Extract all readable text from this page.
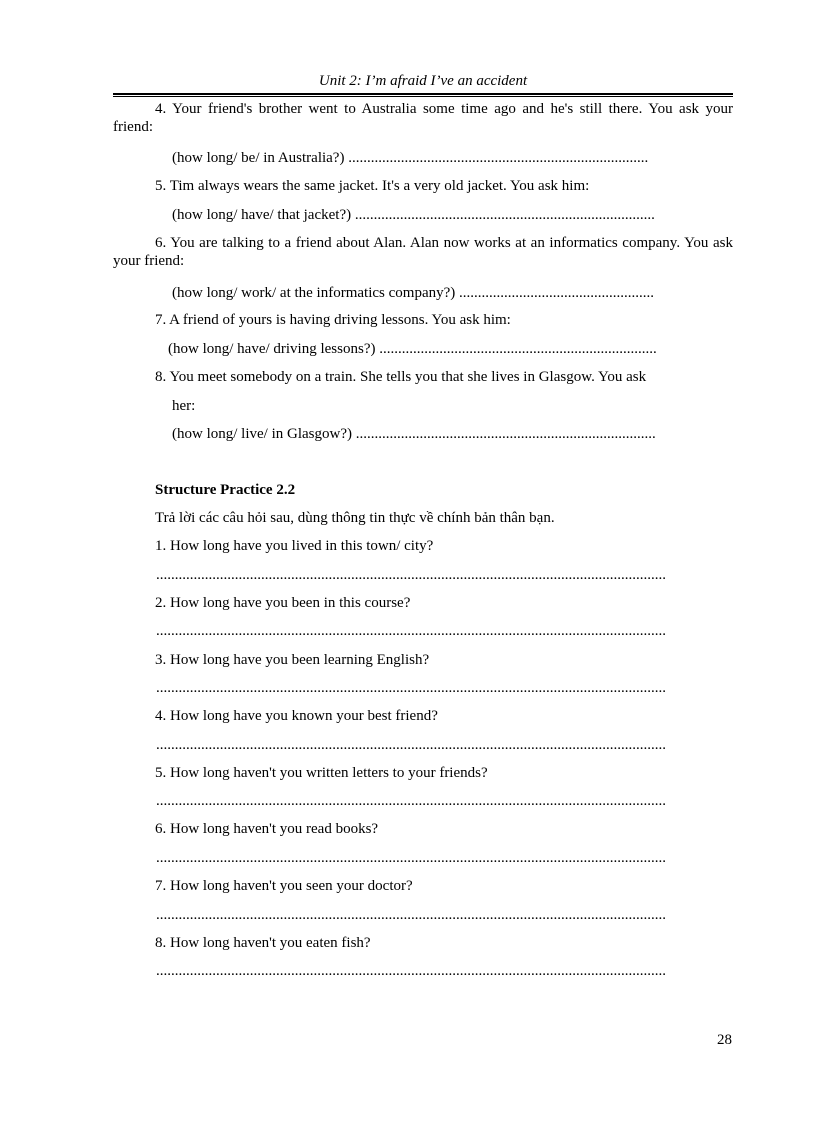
Unit 2: I’m afraid I’ve an accident
4. Your friend's brother went to Australia some time ago and he's still there. You ask your friend:
(how long/ be/ in Australia?) ................................................................................
5. Tim always wears the same jacket. It's a very old jacket. You ask him:
(how long/ have/ that jacket?) ................................................................................
6. You are talking to a friend about Alan. Alan now works at an informatics company. You ask your friend:
(how long/ work/ at the informatics company?) ....................................................
7. A friend of yours is having driving lessons. You ask him:
(how long/ have/ driving lessons?) ..........................................................................
8. You meet somebody on a train. She tells you that she lives in Glasgow. You ask
her:
(how long/ live/ in Glasgow?) ................................................................................
Structure Practice 2.2
Trả lời các câu hỏi sau, dùng thông tin thực về chính bản thân bạn.
1. How long have you lived in this town/ city?
........................................................................................................................................
2. How long have you been in this course?
........................................................................................................................................
3. How long have you been learning English?
........................................................................................................................................
4. How long have you known your best friend?
........................................................................................................................................
5. How long haven't you written letters to your friends?
........................................................................................................................................
6. How long haven't you read books?
........................................................................................................................................
7. How long haven't you seen your doctor?
........................................................................................................................................
8. How long haven't you eaten fish?
........................................................................................................................................
28
